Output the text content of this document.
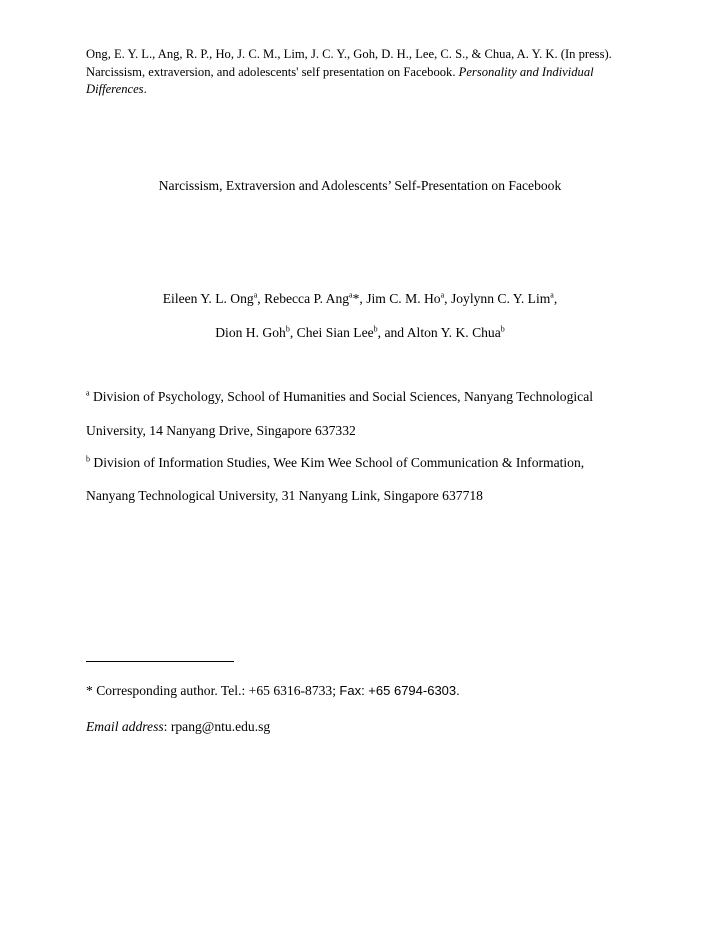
Ong, E. Y. L., Ang, R. P., Ho, J. C. M., Lim, J. C. Y., Goh, D. H., Lee, C. S., & Chua, A. Y. K. (In press).
Narcissism, extraversion, and adolescents' self presentation on Facebook. Personality and Individual
Differences.
Narcissism, Extraversion and Adolescents’ Self-Presentation on Facebook
Eileen Y. L. Ong$^a$, Rebecca P. Ang$^a$*, Jim C. M. Ho$^a$, Joylynn C. Y. Lim$^a$,
Dion H. Goh$^b$, Chei Sian Lee$^b$, and Alton Y. K. Chua$^b$
$^a$ Division of Psychology, School of Humanities and Social Sciences, Nanyang Technological
University, 14 Nanyang Drive, Singapore 637332
$^b$ Division of Information Studies, Wee Kim Wee School of Communication & Information,
Nanyang Technological University, 31 Nanyang Link, Singapore 637718
* Corresponding author. Tel.: +65 6316-8733; Fax: +65 6794-6303.
Email address: rpang@ntu.edu.sg
